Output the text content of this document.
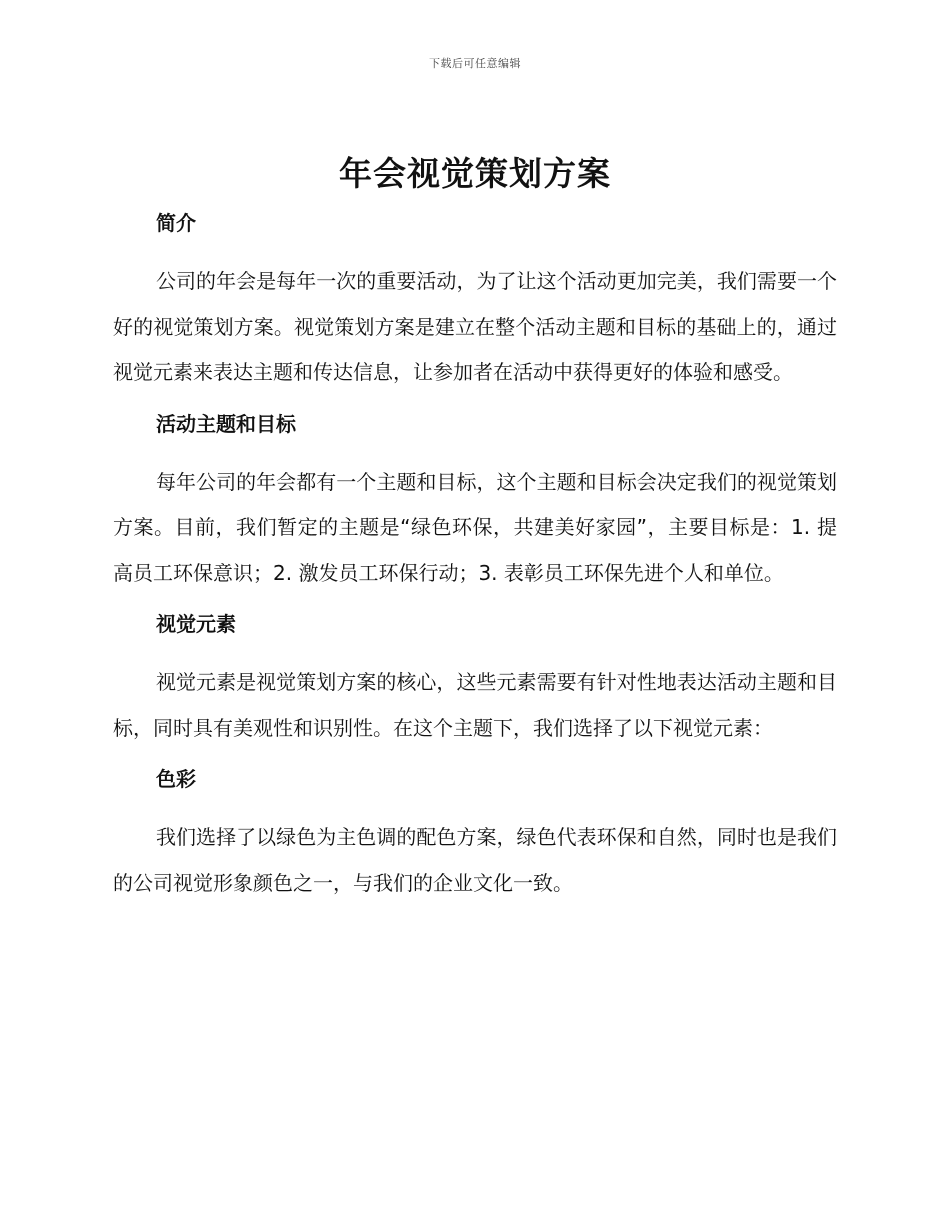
下载后可任意编辑
年会视觉策划方案
简介

公司的年会是每年一次的重要活动，为了让这个活动更加完美，我们需要一个好的视觉策划方案。视觉策划方案是建立在整个活动主题和目标的基础上的，通过视觉元素来表达主题和传达信息，让参加者在活动中获得更好的体验和感受。

活动主题和目标

每年公司的年会都有一个主题和目标，这个主题和目标会决定我们的视觉策划方案。目前，我们暂定的主题是“绿色环保，共建美好家园”，主要目标是：1. 提高员工环保意识；2. 激发员工环保行动；3. 表彰员工环保先进个人和单位。

视觉元素

视觉元素是视觉策划方案的核心，这些元素需要有针对性地表达活动主题和目标，同时具有美观性和识别性。在这个主题下，我们选择了以下视觉元素：

色彩

我们选择了以绿色为主色调的配色方案，绿色代表环保和自然，同时也是我们的公司视觉形象颜色之一，与我们的企业文化一致。
